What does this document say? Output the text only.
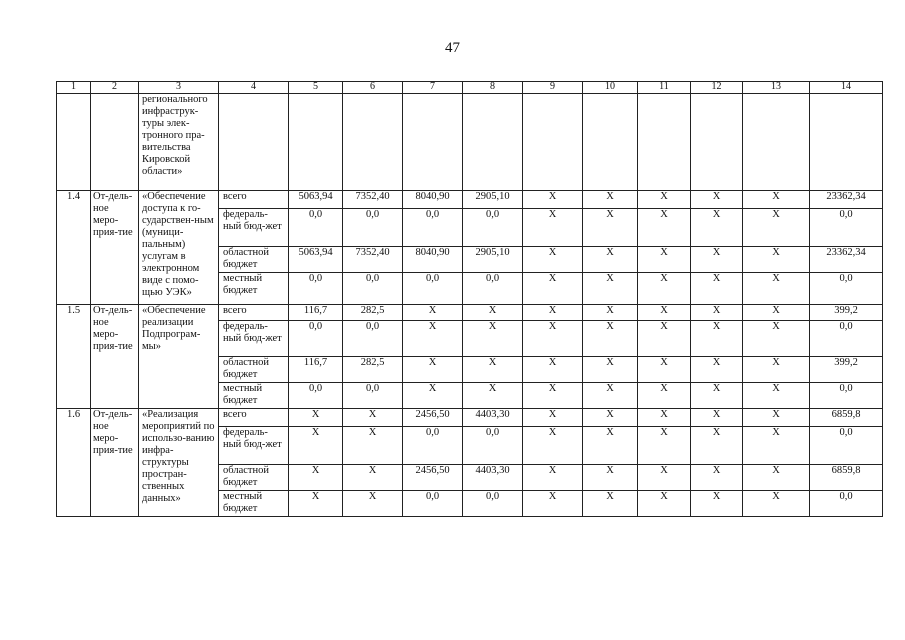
47
1	2	3	4	5	6	7	8	9	10	11	12	13	14
		регионального инфраструк-туры элек-тронного пра-вительства Кировской области»											
1.4	От-дель-ное меро-прия-тие	«Обеспечение доступа к го-сударствен-ным (муници-пальным) услугам в электронном виде с помо-щью УЭК»	всего	5063,94	7352,40	8040,90	2905,10	X	X	X	X	X	23362,34
			федераль-ный бюд-жет	0,0	0,0	0,0	0,0	X	X	X	X	X	0,0
			областной бюджет	5063,94	7352,40	8040,90	2905,10	X	X	X	X	X	23362,34
			местный бюджет	0,0	0,0	0,0	0,0	X	X	X	X	X	0,0
1.5	От-дель-ное меро-прия-тие	«Обеспечение реализации Подпрограм-мы»	всего	116,7	282,5	X	X	X	X	X	X	X	399,2
			федераль-ный бюд-жет	0,0	0,0	X	X	X	X	X	X	X	0,0
			областной бюджет	116,7	282,5	X	X	X	X	X	X	X	399,2
			местный бюджет	0,0	0,0	X	X	X	X	X	X	X	0,0
1.6	От-дель-ное меро-прия-тие	«Реализация мероприятий по использо-ванию инфра-структуры простран-ственных данных»	всего	X	X	2456,50	4403,30	X	X	X	X	X	6859,8
			федераль-ный бюд-жет	X	X	0,0	0,0	X	X	X	X	X	0,0
			областной бюджет	X	X	2456,50	4403,30	X	X	X	X	X	6859,8
			местный бюджет	X	X	0,0	0,0	X	X	X	X	X	0,0
